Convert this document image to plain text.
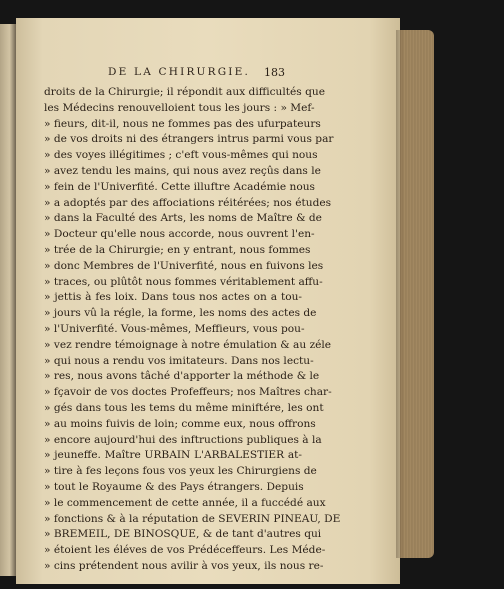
DE LA CHIRURGIE. 183
droits de la Chirurgie; il répondit aux difficultés que
les Médecins renouvelloient tous les jours : » Mef-
» fieurs, dit-il, nous ne fommes pas des ufurpateurs
» de vos droits ni des étrangers intrus parmi vous par
» des voyes illégitimes ; c'eft vous-mêmes qui nous
» avez tendu les mains, qui nous avez reçûs dans le
» fein de l'Univerfité. Cette illuftre Académie nous
» a adoptés par des affociations réitérées; nos études
» dans la Faculté des Arts, les noms de Maître & de
» Docteur qu'elle nous accorde, nous ouvrent l'en-
» trée de la Chirurgie; en y entrant, nous fommes
» donc Membres de l'Univerfité, nous en fuivons les
» traces, ou plûtôt nous fommes véritablement affu-
» jettis à fes loix. Dans tous nos actes on a tou-
» jours vû la régle, la forme, les noms des actes de
» l'Univerfité. Vous-mêmes, Meffieurs, vous pou-
» vez rendre témoignage à notre émulation & au zéle
» qui nous a rendu vos imitateurs. Dans nos lectu-
» res, nous avons tâché d'apporter la méthode & le
» fçavoir de vos doctes Profeffeurs; nos Maîtres char-
» gés dans tous les tems du même miniftére, les ont
» au moins fuivis de loin; comme eux, nous offrons
» encore aujourd'hui des inftructions publiques à la
» jeuneffe. Maître URBAIN L'ARBALESTIER at-
» tire à fes leçons fous vos yeux les Chirurgiens de
» tout le Royaume & des Pays étrangers. Depuis
» le commencement de cette année, il a fuccédé aux
» fonctions & à la réputation de SEVERIN PINEAU, DE
» BREMEIL, DE BINOSQUE, & de tant d'autres qui
» étoient les éléves de vos Prédéceffeurs. Les Méde-
» cins prétendent nous avilir à vos yeux, ils nous re-
